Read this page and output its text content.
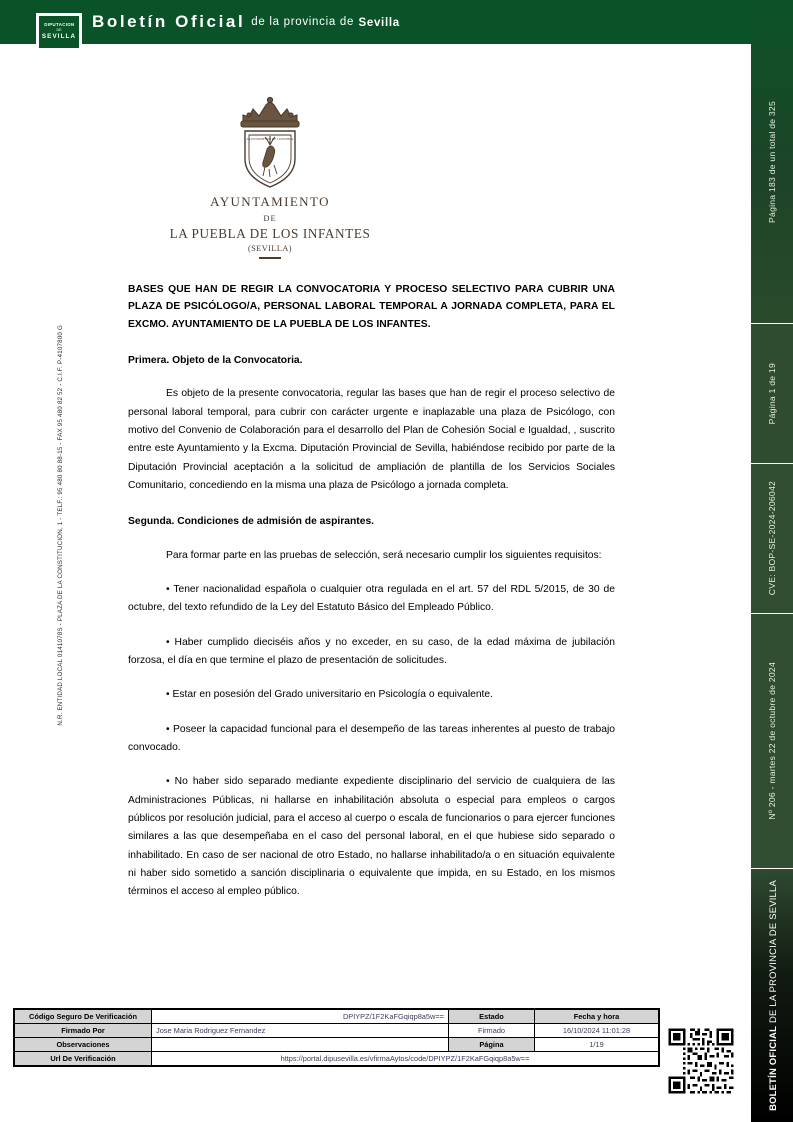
DIPUTACION
DE
SEVILLA
Boletín Oficial de la provincia de Sevilla
Página 183 de un total de 325
Página 1 de 19
CVE: BOP-SE-2024-206042
Nº 206 - martes 22 de octubre de 2024
BOLETÍN OFICIAL DE LA PROVINCIA DE SEVILLA
N.R. ENTIDAD LOCAL 0141078S - PLAZA DE LA CONSTITUCION, 1 - TELF.: 95 480 80 88-15 - FAX 95 480 82 52 - C.I.F. P-4107800 G
AYUNTAMIENTO DE LA PUEBLA
AYUNTAMIENTO
DE
LA PUEBLA DE LOS INFANTES
(SEVILLA)
BASES QUE HAN DE REGIR LA CONVOCATORIA Y PROCESO SELECTIVO PARA CUBRIR UNA PLAZA DE PSICÓLOGO/A, PERSONAL LABORAL TEMPORAL A JORNADA COMPLETA, PARA EL EXCMO. AYUNTAMIENTO DE LA PUEBLA DE LOS INFANTES.
Primera. Objeto de la Convocatoria.
Es objeto de la presente convocatoria, regular las bases que han de regir el proceso selectivo de personal laboral temporal, para cubrir con carácter urgente e inaplazable una plaza de Psicólogo, con motivo del Convenio de Colaboración para el desarrollo del Plan de Cohesión Social e Igualdad, , suscrito entre este Ayuntamiento y la Excma. Diputación Provincial de Sevilla, habiéndose recibido por parte de la Diputación Provincial aceptación a la solicitud de ampliación de plantilla de los Servicios Sociales Comunitario, concediendo en la misma una plaza de Psicólogo a jornada completa.
Segunda. Condiciones de admisión de aspirantes.
Para formar parte en las pruebas de selección, será necesario cumplir los siguientes requisitos:
• Tener nacionalidad española o cualquier otra regulada en el art. 57 del RDL 5/2015, de 30 de octubre, del texto refundido de la Ley del Estatuto Básico del Empleado Público.
• Haber cumplido dieciséis años y no exceder, en su caso, de la edad máxima de jubilación forzosa, el día en que termine el plazo de presentación de solicitudes.
• Estar en posesión del Grado universitario en Psicología o equivalente.
• Poseer la capacidad funcional para el desempeño de las tareas inherentes al puesto de trabajo convocado.
• No haber sido separado mediante expediente disciplinario del servicio de cualquiera de las Administraciones Públicas, ni hallarse en inhabilitación absoluta o especial para empleos o cargos públicos por resolución judicial, para el acceso al cuerpo o escala de funcionarios o para ejercer funciones similares a las que desempeñaba en el caso del personal laboral, en el que hubiese sido separado o inhabilitado. En caso de ser nacional de otro Estado, no hallarse inhabilitado/a o en situación equivalente ni haber sido sometido a sanción disciplinaria o equivalente que impida, en su Estado, en los mismos términos el acceso al empleo público.
Código Seguro De Verificación	DPIYPZ/1F2KaFGqiqp8a5w==	Estado	Fecha y hora
Firmado Por	Jose Maria Rodriguez Fernandez	Firmado	16/10/2024 11:01:28
Observaciones		Página	1/19
Url De Verificación	https://portal.dipusevilla.es/vfirmaAytos/code/DPIYPZ/1F2KaFGqiqp8a5w==		
